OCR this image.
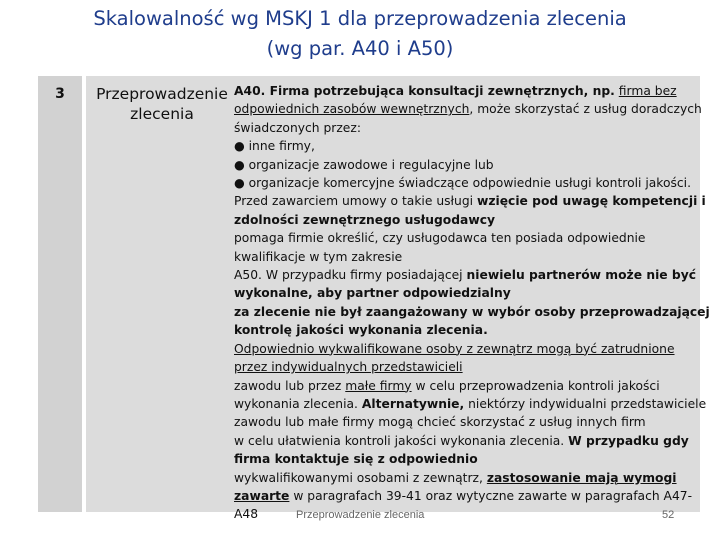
Skalowalność wg MSKJ 1 dla przeprowadzenia zlecenia
(wg par. A40 i A50)
3	Przeprowadzenie
zlecenia
A40. Firma potrzebująca konsultacji zewnętrznych, np. firma bez
odpowiednich zasobów wewnętrznych, może skorzystać z usług doradczych
świadczonych przez:
● inne firmy,
● organizacje zawodowe i regulacyjne lub
● organizacje komercyjne świadczące odpowiednie usługi kontroli jakości.
Przed zawarciem umowy o takie usługi wzięcie pod uwagę kompetencji i
zdolności zewnętrznego usługodawcy
pomaga firmie określić, czy usługodawca ten posiada odpowiednie
kwalifikacje w tym zakresie
A50. W przypadku firmy posiadającej niewielu partnerów może nie być
wykonalne, aby partner odpowiedzialny
za zlecenie nie był zaangażowany w wybór osoby przeprowadzającej
kontrolę jakości wykonania zlecenia.
Odpowiednio wykwalifikowane osoby z zewnątrz mogą być zatrudnione
przez indywidualnych przedstawicieli
zawodu lub przez małe firmy w celu przeprowadzenia kontroli jakości
wykonania zlecenia. Alternatywnie, niektórzy indywidualni przedstawiciele
zawodu lub małe firmy mogą chcieć skorzystać z usług innych firm
w celu ułatwienia kontroli jakości wykonania zlecenia. W przypadku gdy
firma kontaktuje się z odpowiednio
wykwalifikowanymi osobami z zewnątrz, zastosowanie mają wymogi
zawarte w paragrafach 39-41 oraz wytyczne zawarte w paragrafach A47-
A48	Przeprowadzenie zlecenia	52
